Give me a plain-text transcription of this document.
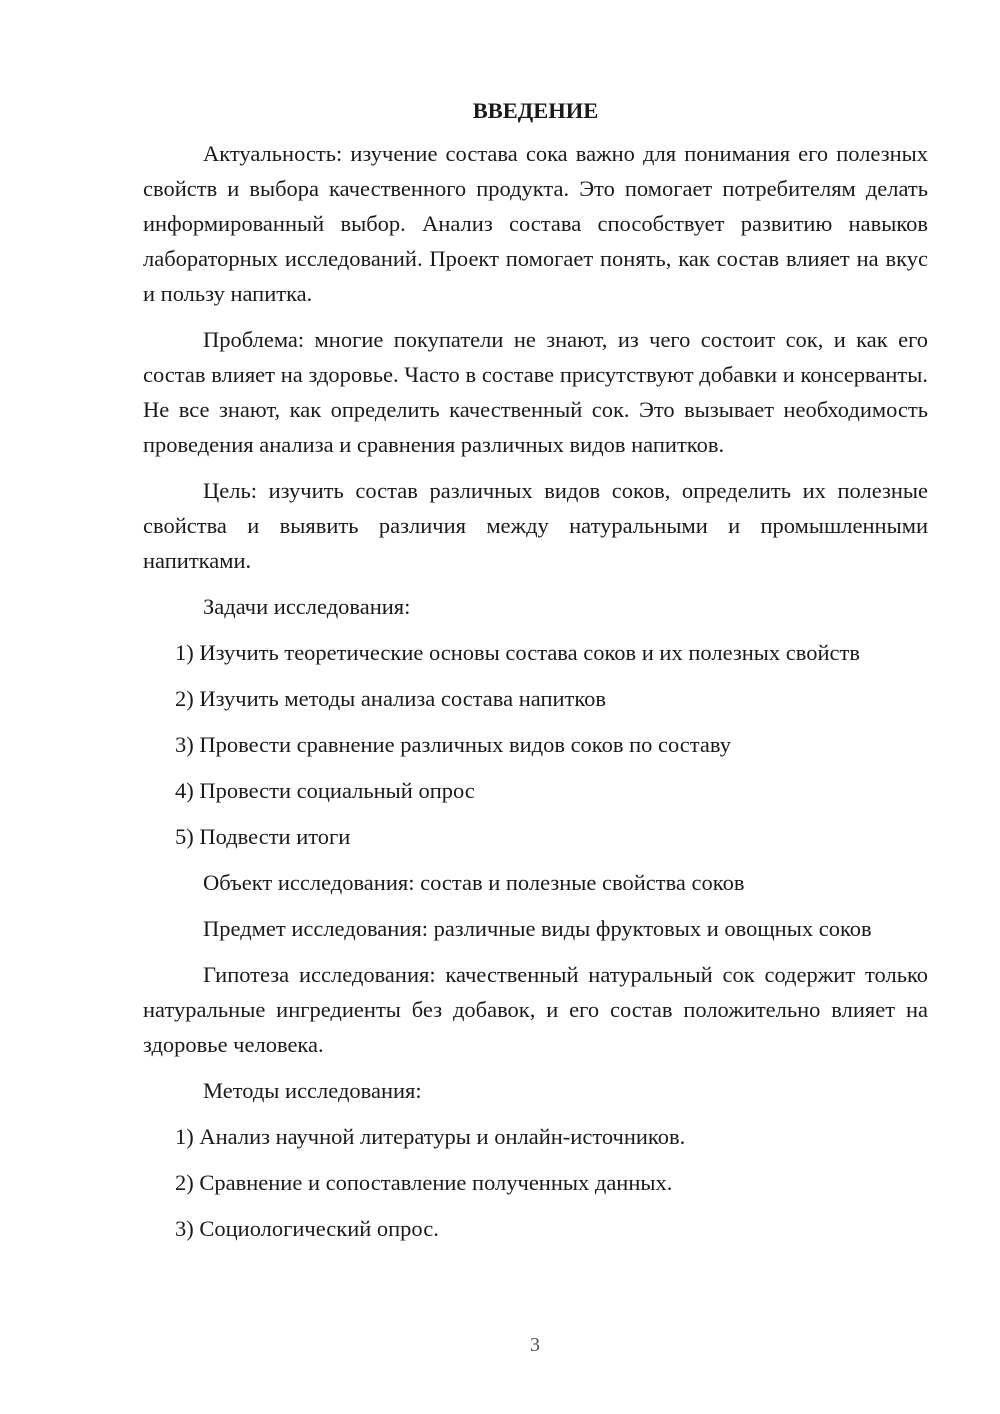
ВВЕДЕНИЕ
Актуальность: изучение состава сока важно для понимания его полезных свойств и выбора качественного продукта. Это помогает потребителям делать информированный выбор. Анализ состава способствует развитию навыков лабораторных исследований. Проект помогает понять, как состав влияет на вкус и пользу напитка.
Проблема: многие покупатели не знают, из чего состоит сок, и как его состав влияет на здоровье. Часто в составе присутствуют добавки и консерванты. Не все знают, как определить качественный сок. Это вызывает необходимость проведения анализа и сравнения различных видов напитков.
Цель: изучить состав различных видов соков, определить их полезные свойства и выявить различия между натуральными и промышленными напитками.
Задачи исследования:
1) Изучить теоретические основы состава соков и их полезных свойств
2) Изучить методы анализа состава напитков
3) Провести сравнение различных видов соков по составу
4) Провести социальный опрос
5) Подвести итоги
Объект исследования: состав и полезные свойства соков
Предмет исследования: различные виды фруктовых и овощных соков
Гипотеза исследования: качественный натуральный сок содержит только натуральные ингредиенты без добавок, и его состав положительно влияет на здоровье человека.
Методы исследования:
1) Анализ научной литературы и онлайн-источников.
2) Сравнение и сопоставление полученных данных.
3) Социологический опрос.
3
